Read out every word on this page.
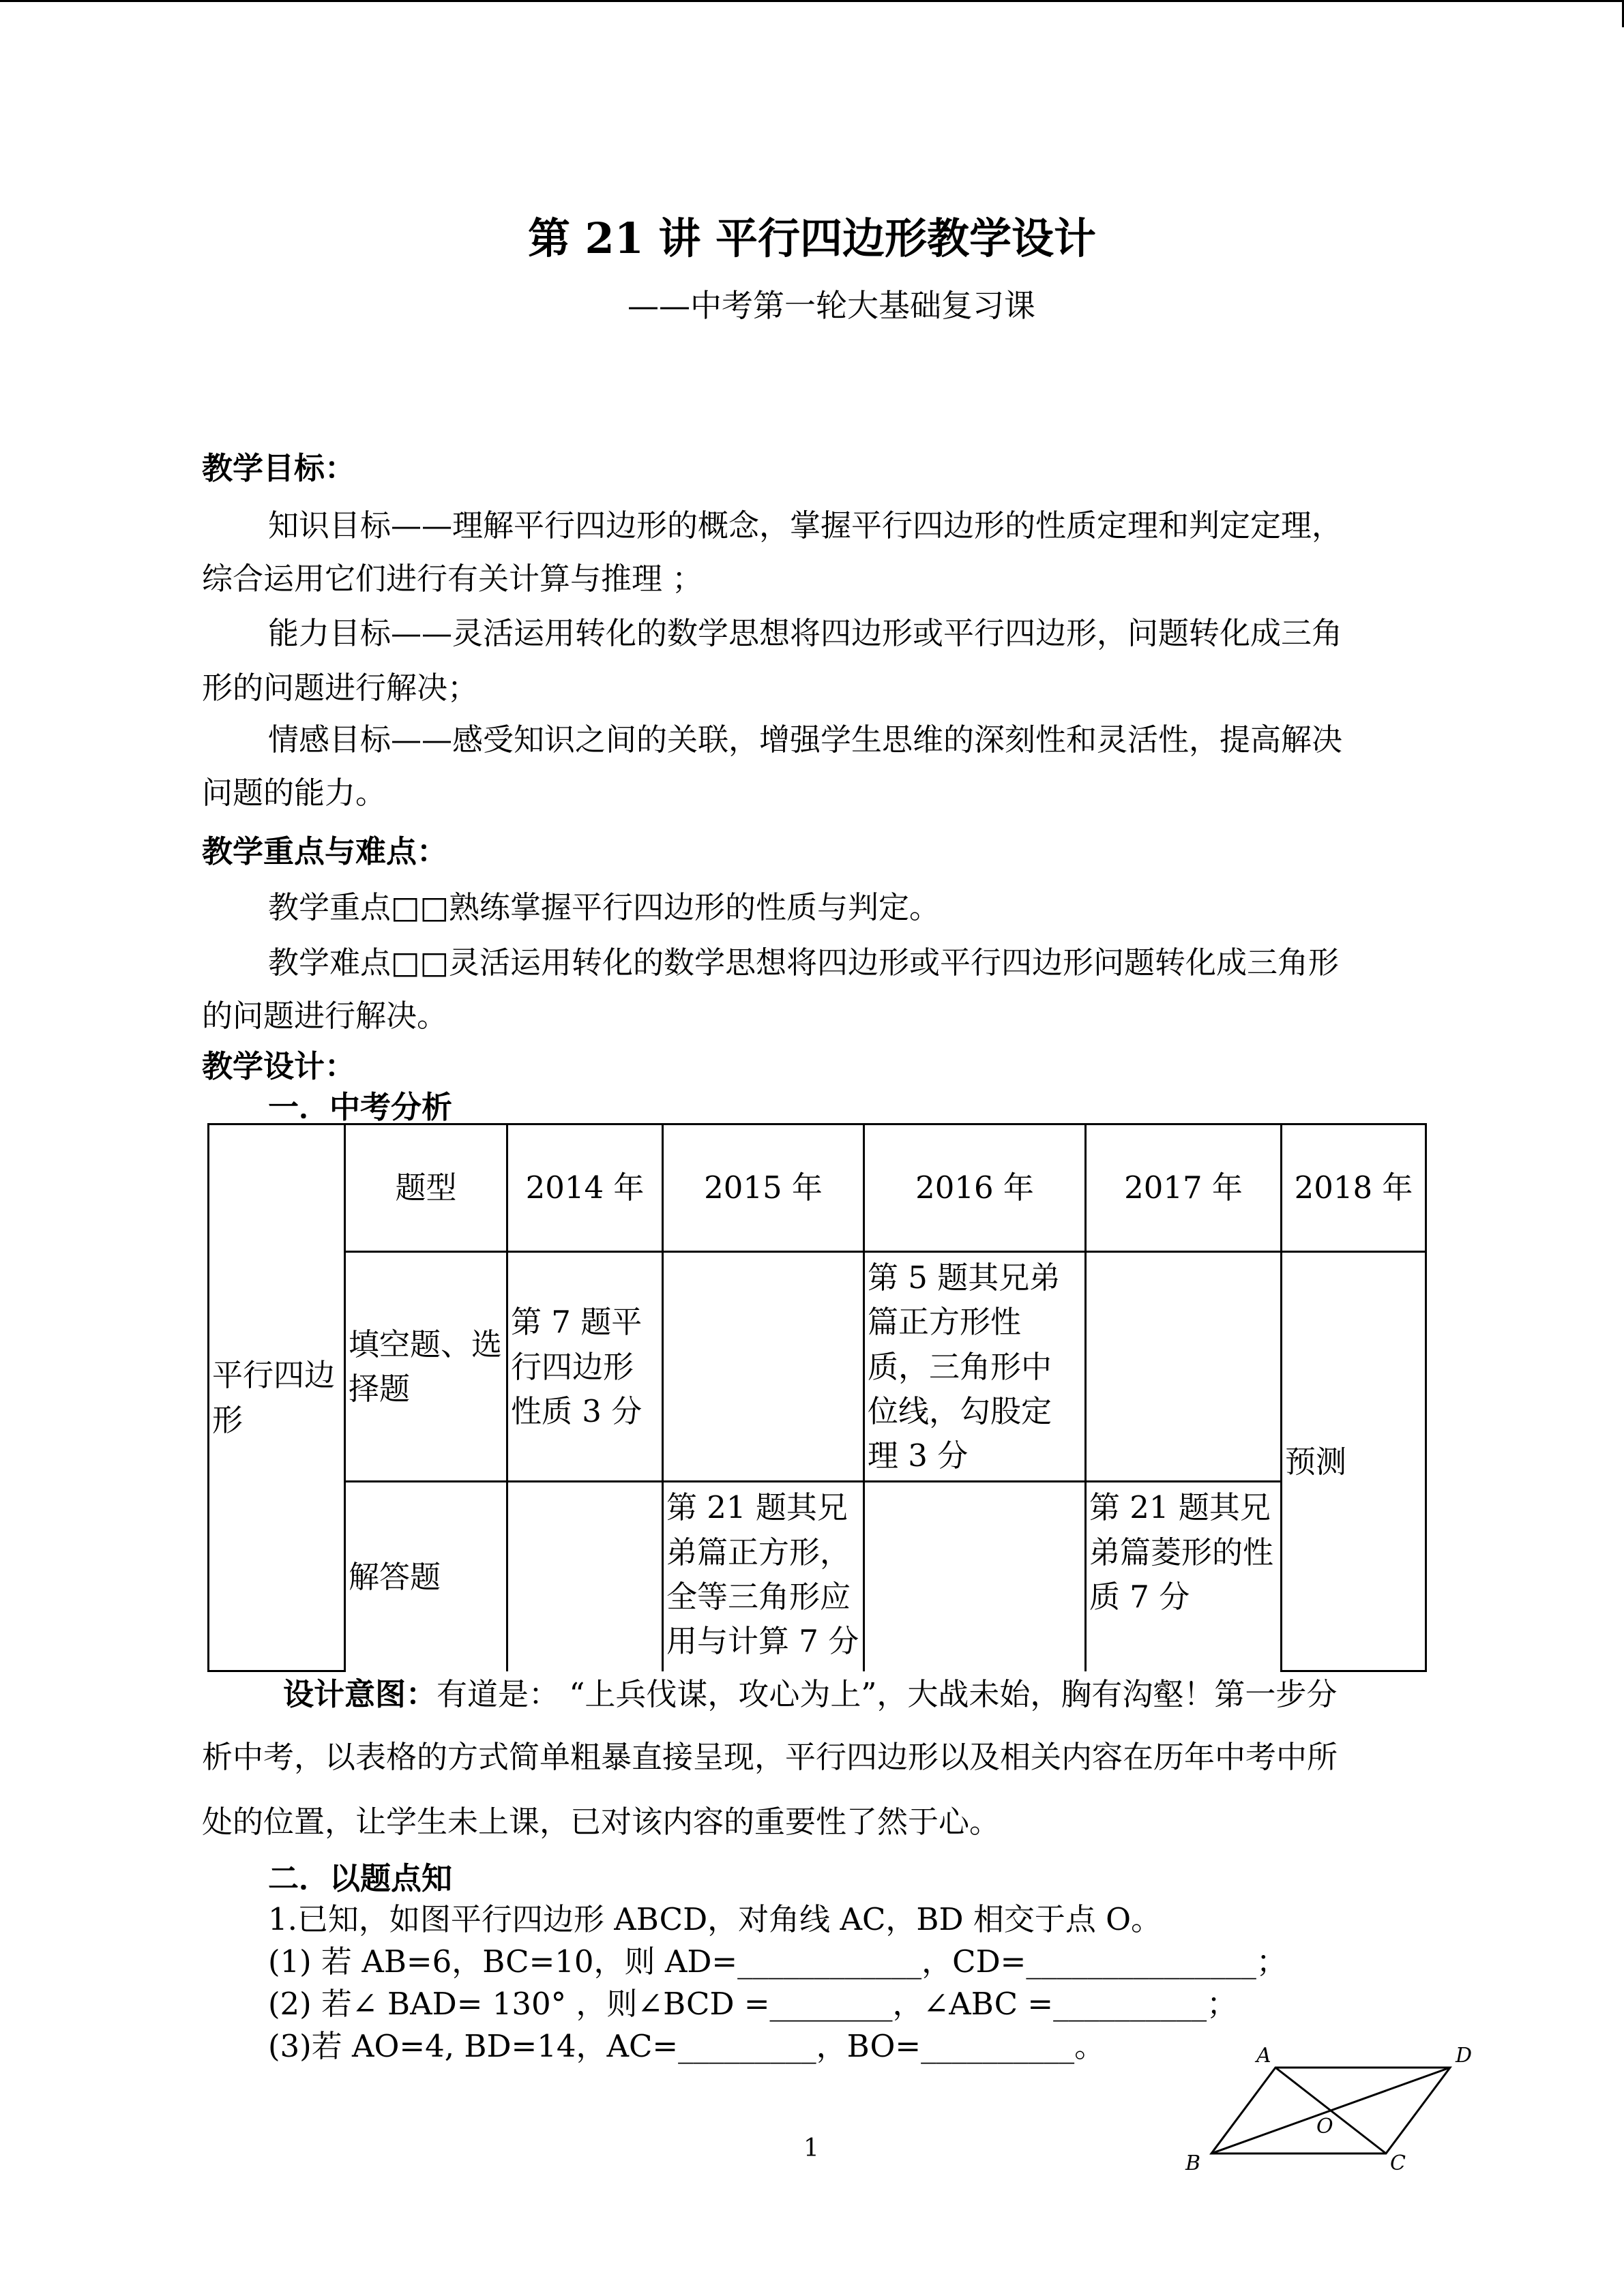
第 21 讲 平行四边形教学设计
——中考第一轮大基础复习课
教学目标：
知识目标——理解平行四边形的概念，掌握平行四边形的性质定理和判定定理，
综合运用它们进行有关计算与推理 ；
能力目标——灵活运用转化的数学思想将四边形或平行四边形，问题转化成三角
形的问题进行解决；
情感目标——感受知识之间的关联，增强学生思维的深刻性和灵活性，提高解决
问题的能力。
教学重点与难点：
教学重点□□熟练掌握平行四边形的性质与判定。
教学难点□□灵活运用转化的数学思想将四边形或平行四边形问题转化成三角形
的问题进行解决。
教学设计：
一．中考分析
平行四边形	题型	2014 年	2015 年	2016 年	2017 年	2018 年
	填空题、选择题	第 7 题平行四边形性质 3 分		第 5 题其兄弟篇正方形性质，三角形中位线，勾股定理 3 分		预测
	解答题		第 21 题其兄弟篇正方形，全等三角形应用与计算 7 分		第 21 题其兄弟篇菱形的性质 7 分	
设计意图：有道是： “上兵伐谋，攻心为上”，大战未始，胸有沟壑！第一步分
析中考，以表格的方式简单粗暴直接呈现，平行四边形以及相关内容在历年中考中所
处的位置，让学生未上课，已对该内容的重要性了然于心。
二．以题点知
1.已知，如图平行四边形 ABCD，对角线 AC，BD 相交于点 O。
(1) 若 AB=6，BC=10，则 AD=____________，CD=_______________；
(2) 若∠ BAD= 130° ，则∠BCD =________，∠ABC =__________；
(3)若 AO=4, BD=14，AC=_________，BO=__________。	A
B	C
D
O
1
